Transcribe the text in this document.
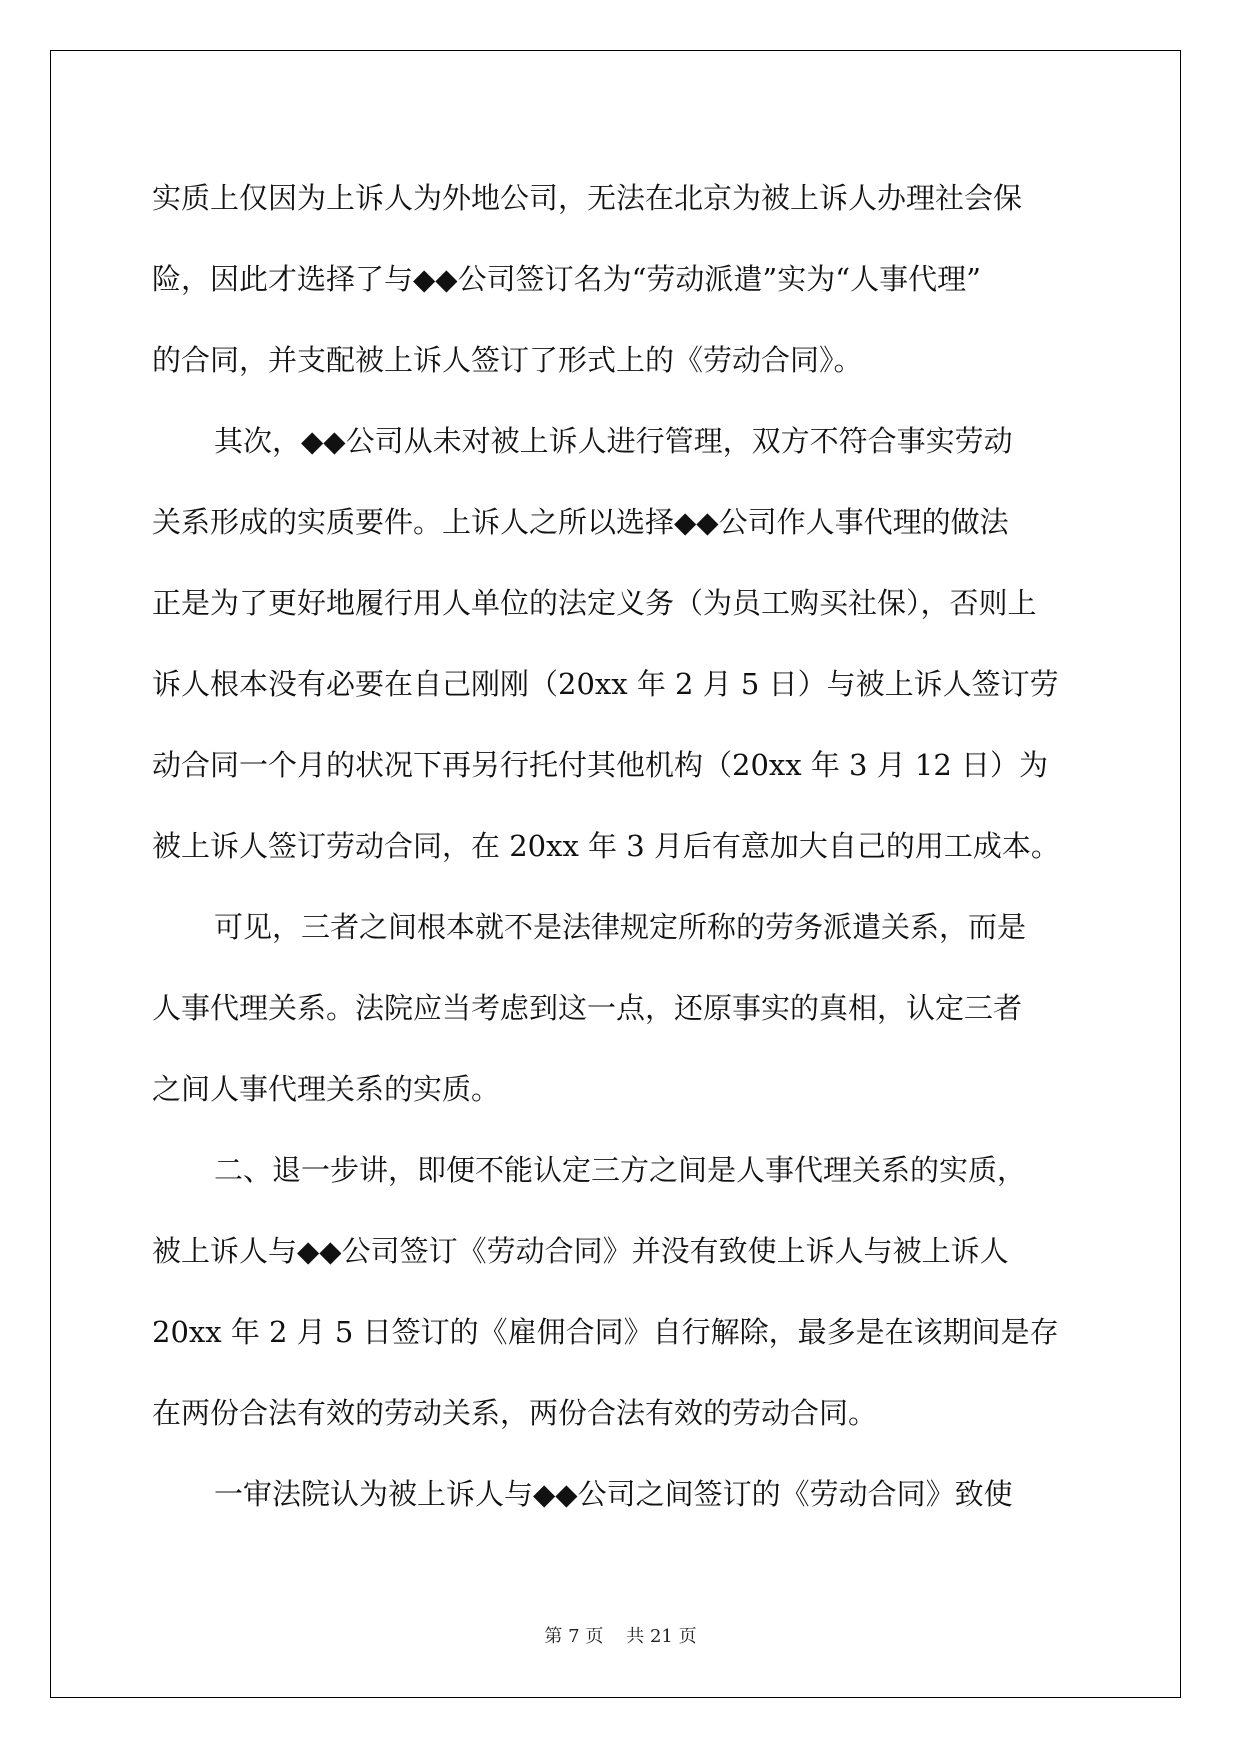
实质上仅因为上诉人为外地公司，无法在北京为被上诉人办理社会保
险，因此才选择了与◆◆公司签订名为“劳动派遣”实为“人事代理”
的合同，并支配被上诉人签订了形式上的《劳动合同》。
其次，◆◆公司从未对被上诉人进行管理，双方不符合事实劳动
关系形成的实质要件。上诉人之所以选择◆◆公司作人事代理的做法
正是为了更好地履行用人单位的法定义务（为员工购买社保），否则上
诉人根本没有必要在自己刚刚（20xx 年 2 月 5 日）与被上诉人签订劳
动合同一个月的状况下再另行托付其他机构（20xx 年 3 月 12 日）为
被上诉人签订劳动合同，在 20xx 年 3 月后有意加大自己的用工成本。
可见，三者之间根本就不是法律规定所称的劳务派遣关系，而是
人事代理关系。法院应当考虑到这一点，还原事实的真相，认定三者
之间人事代理关系的实质。
二、退一步讲，即便不能认定三方之间是人事代理关系的实质，
被上诉人与◆◆公司签订《劳动合同》并没有致使上诉人与被上诉人
20xx 年 2 月 5 日签订的《雇佣合同》自行解除，最多是在该期间是存
在两份合法有效的劳动关系，两份合法有效的劳动合同。
一审法院认为被上诉人与◆◆公司之间签订的《劳动合同》致使
第 7 页 共 21 页
